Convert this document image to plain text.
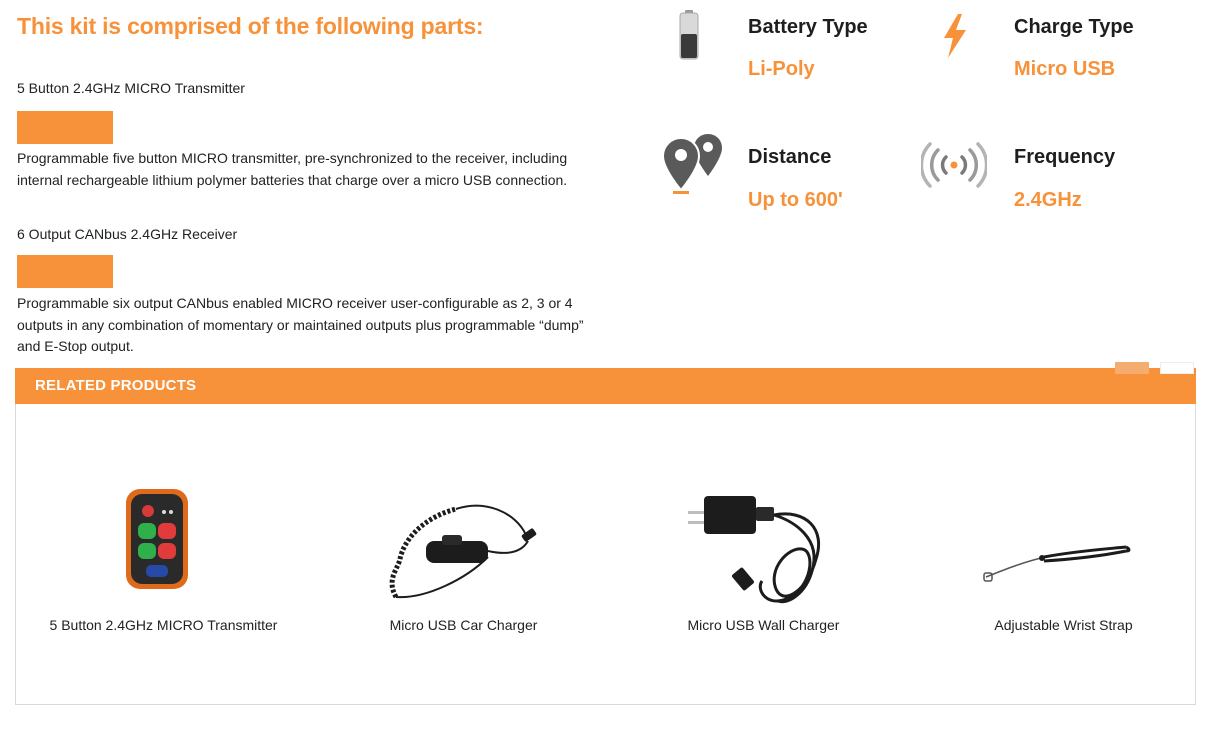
This kit is comprised of the following parts:
5 Button 2.4GHz MICRO Transmitter

Programmable five button MICRO transmitter, pre-synchronized to the receiver, including internal rechargeable lithium polymer batteries that charge over a micro USB connection.

6 Output CANbus 2.4GHz Receiver

Programmable six output CANbus enabled MICRO receiver user-configurable as 2, 3 or 4 outputs in any combination of momentary or maintained outputs plus programmable “dump” and E-Stop output.

Battery Type
Li-Poly
Charge Type
Micro USB
Distance
Up to 600'
Frequency
2.4GHz
RELATED PRODUCTS
5 Button 2.4GHz MICRO Transmitter	Micro USB Car Charger	Micro USB Wall Charger	Adjustable Wrist Strap
